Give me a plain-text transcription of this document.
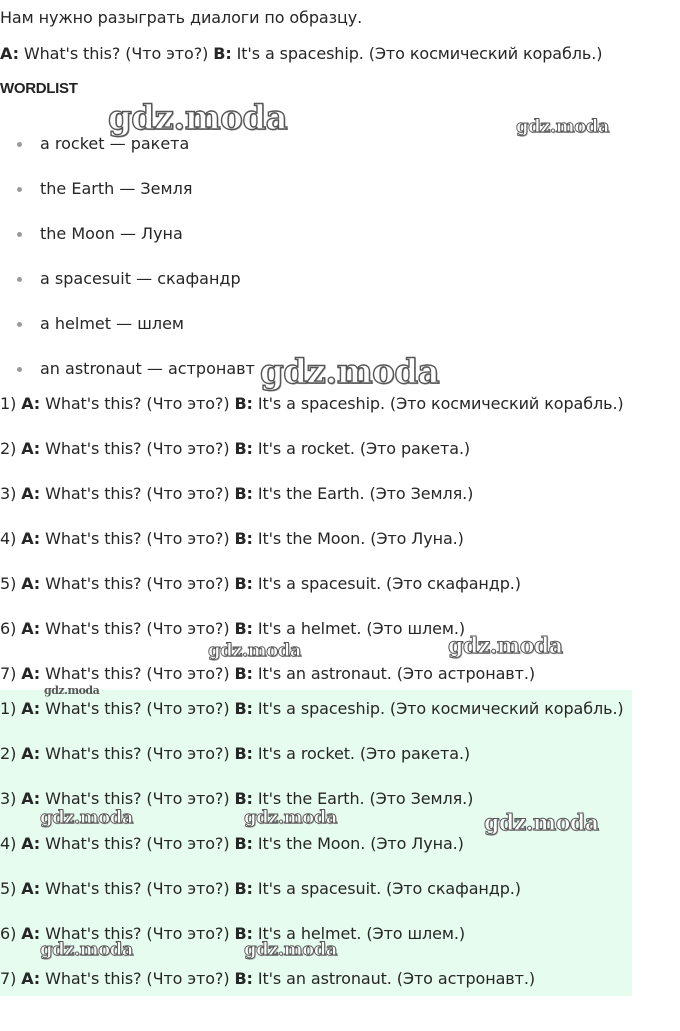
Нам нужно разыграть диалоги по образцу.
A: What's this? (Что это?) B: It's a spaceship. (Это космический корабль.)
WORDLIST
a rocket — ракета
the Earth — Земля
the Moon — Луна
a spacesuit — скафандр
a helmet — шлем
an astronaut — астронавт
1) A: What's this? (Что это?) B: It's a spaceship. (Это космический корабль.)
2) A: What's this? (Что это?) B: It's a rocket. (Это ракета.)
3) A: What's this? (Что это?) B: It's the Earth. (Это Земля.)
4) A: What's this? (Что это?) B: It's the Moon. (Это Луна.)
5) A: What's this? (Что это?) B: It's a spacesuit. (Это скафандр.)
6) A: What's this? (Что это?) B: It's a helmet. (Это шлем.)
7) A: What's this? (Что это?) B: It's an astronaut. (Это астронавт.)
1) A: What's this? (Что это?) B: It's a spaceship. (Это космический корабль.)
2) A: What's this? (Что это?) B: It's a rocket. (Это ракета.)
3) A: What's this? (Что это?) B: It's the Earth. (Это Земля.)
4) A: What's this? (Что это?) B: It's the Moon. (Это Луна.)
5) A: What's this? (Что это?) B: It's a spacesuit. (Это скафандр.)
6) A: What's this? (Что это?) B: It's a helmet. (Это шлем.)
7) A: What's this? (Что это?) B: It's an astronaut. (Это астронавт.)
gdz.moda	gdz.moda
gdz.moda
gdz.moda	gdz.moda
gdz.moda
gdz.moda	gdz.moda	gdz.moda
gdz.moda	gdz.moda
